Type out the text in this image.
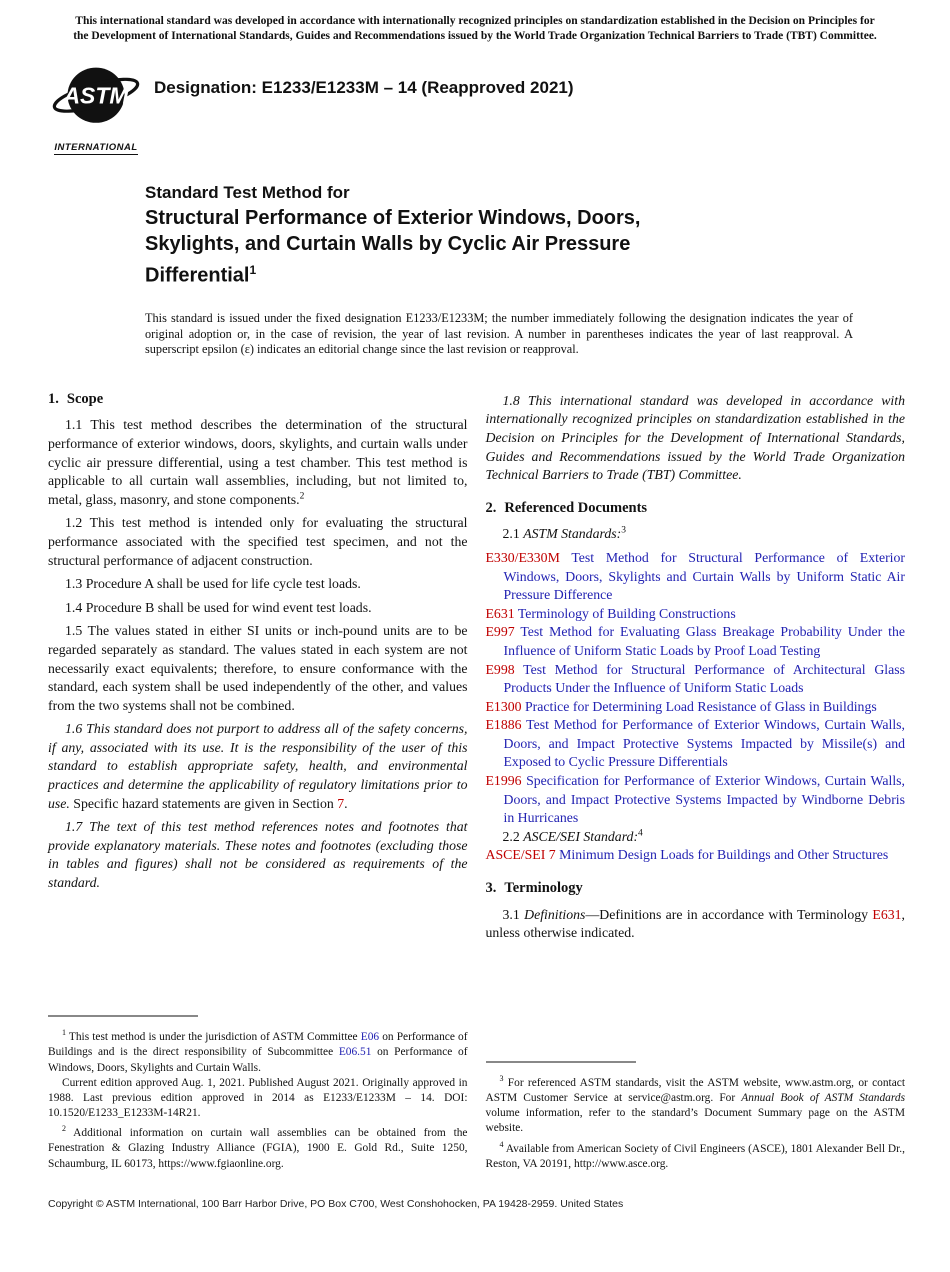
This international standard was developed in accordance with internationally recognized principles on standardization established in the Decision on Principles for the Development of International Standards, Guides and Recommendations issued by the World Trade Organization Technical Barriers to Trade (TBT) Committee.
ASTM
INTERNATIONAL
Designation: E1233/E1233M – 14 (Reapproved 2021)
Standard Test Method for
Structural Performance of Exterior Windows, Doors,
Skylights, and Curtain Walls by Cyclic Air Pressure
Differential$^1$
This standard is issued under the fixed designation E1233/E1233M; the number immediately following the designation indicates the year of original adoption or, in the case of revision, the year of last revision. A number in parentheses indicates the year of last reapproval. A superscript epsilon (ε) indicates an editorial change since the last revision or reapproval.
1. Scope

1.1 This test method describes the determination of the structural performance of exterior windows, doors, skylights, and curtain walls under cyclic air pressure differential, using a test chamber. This test method is applicable to all curtain wall assemblies, including, but not limited to, metal, glass, masonry, and stone components.$^2$

1.2 This test method is intended only for evaluating the structural performance associated with the specified test specimen, and not the structural performance of adjacent construction.

1.3 Procedure A shall be used for life cycle test loads.

1.4 Procedure B shall be used for wind event test loads.

1.5 The values stated in either SI units or inch-pound units are to be regarded separately as standard. The values stated in each system are not necessarily exact equivalents; therefore, to ensure conformance with the standard, each system shall be used independently of the other, and values from the two systems shall not be combined.

1.6 This standard does not purport to address all of the safety concerns, if any, associated with its use. It is the responsibility of the user of this standard to establish appropriate safety, health, and environmental practices and determine the applicability of regulatory limitations prior to use. Specific hazard statements are given in Section 7.

1.7 The text of this test method references notes and footnotes that provide explanatory materials. These notes and footnotes (excluding those in tables and figures) shall not be considered as requirements of the standard.

$^1$ This test method is under the jurisdiction of ASTM Committee E06 on Performance of Buildings and is the direct responsibility of Subcommittee E06.51 on Performance of Windows, Doors, Skylights and Curtain Walls.

Current edition approved Aug. 1, 2021. Published August 2021. Originally approved in 1988. Last previous edition approved in 2014 as E1233/E1233M – 14. DOI: 10.1520/E1233_E1233M-14R21.

$^2$ Additional information on curtain wall assemblies can be obtained from the Fenestration & Glazing Industry Alliance (FGIA), 1900 E. Gold Rd., Suite 1250, Schaumburg, IL 60173, https://www.fgiaonline.org.

1.8 This international standard was developed in accordance with internationally recognized principles on standardization established in the Decision on Principles for the Development of International Standards, Guides and Recommendations issued by the World Trade Organization Technical Barriers to Trade (TBT) Committee.

2. Referenced Documents

2.1 ASTM Standards:$^3$

E330/E330M Test Method for Structural Performance of Exterior Windows, Doors, Skylights and Curtain Walls by Uniform Static Air Pressure Difference
E631 Terminology of Building Constructions
E997 Test Method for Evaluating Glass Breakage Probability Under the Influence of Uniform Static Loads by Proof Load Testing
E998 Test Method for Structural Performance of Architectural Glass Products Under the Influence of Uniform Static Loads
E1300 Practice for Determining Load Resistance of Glass in Buildings
E1886 Test Method for Performance of Exterior Windows, Curtain Walls, Doors, and Impact Protective Systems Impacted by Missile(s) and Exposed to Cyclic Pressure Differentials
E1996 Specification for Performance of Exterior Windows, Curtain Walls, Doors, and Impact Protective Systems Impacted by Windborne Debris in Hurricanes

2.2 ASCE/SEI Standard:$^4$

ASCE/SEI 7 Minimum Design Loads for Buildings and Other Structures
3. Terminology

3.1 Definitions—Definitions are in accordance with Terminology E631, unless otherwise indicated.

$^3$ For referenced ASTM standards, visit the ASTM website, www.astm.org, or contact ASTM Customer Service at service@astm.org. For Annual Book of ASTM Standards volume information, refer to the standard’s Document Summary page on the ASTM website.

$^4$ Available from American Society of Civil Engineers (ASCE), 1801 Alexander Bell Dr., Reston, VA 20191, http://www.asce.org.

Copyright © ASTM International, 100 Barr Harbor Drive, PO Box C700, West Conshohocken, PA 19428-2959. United States
